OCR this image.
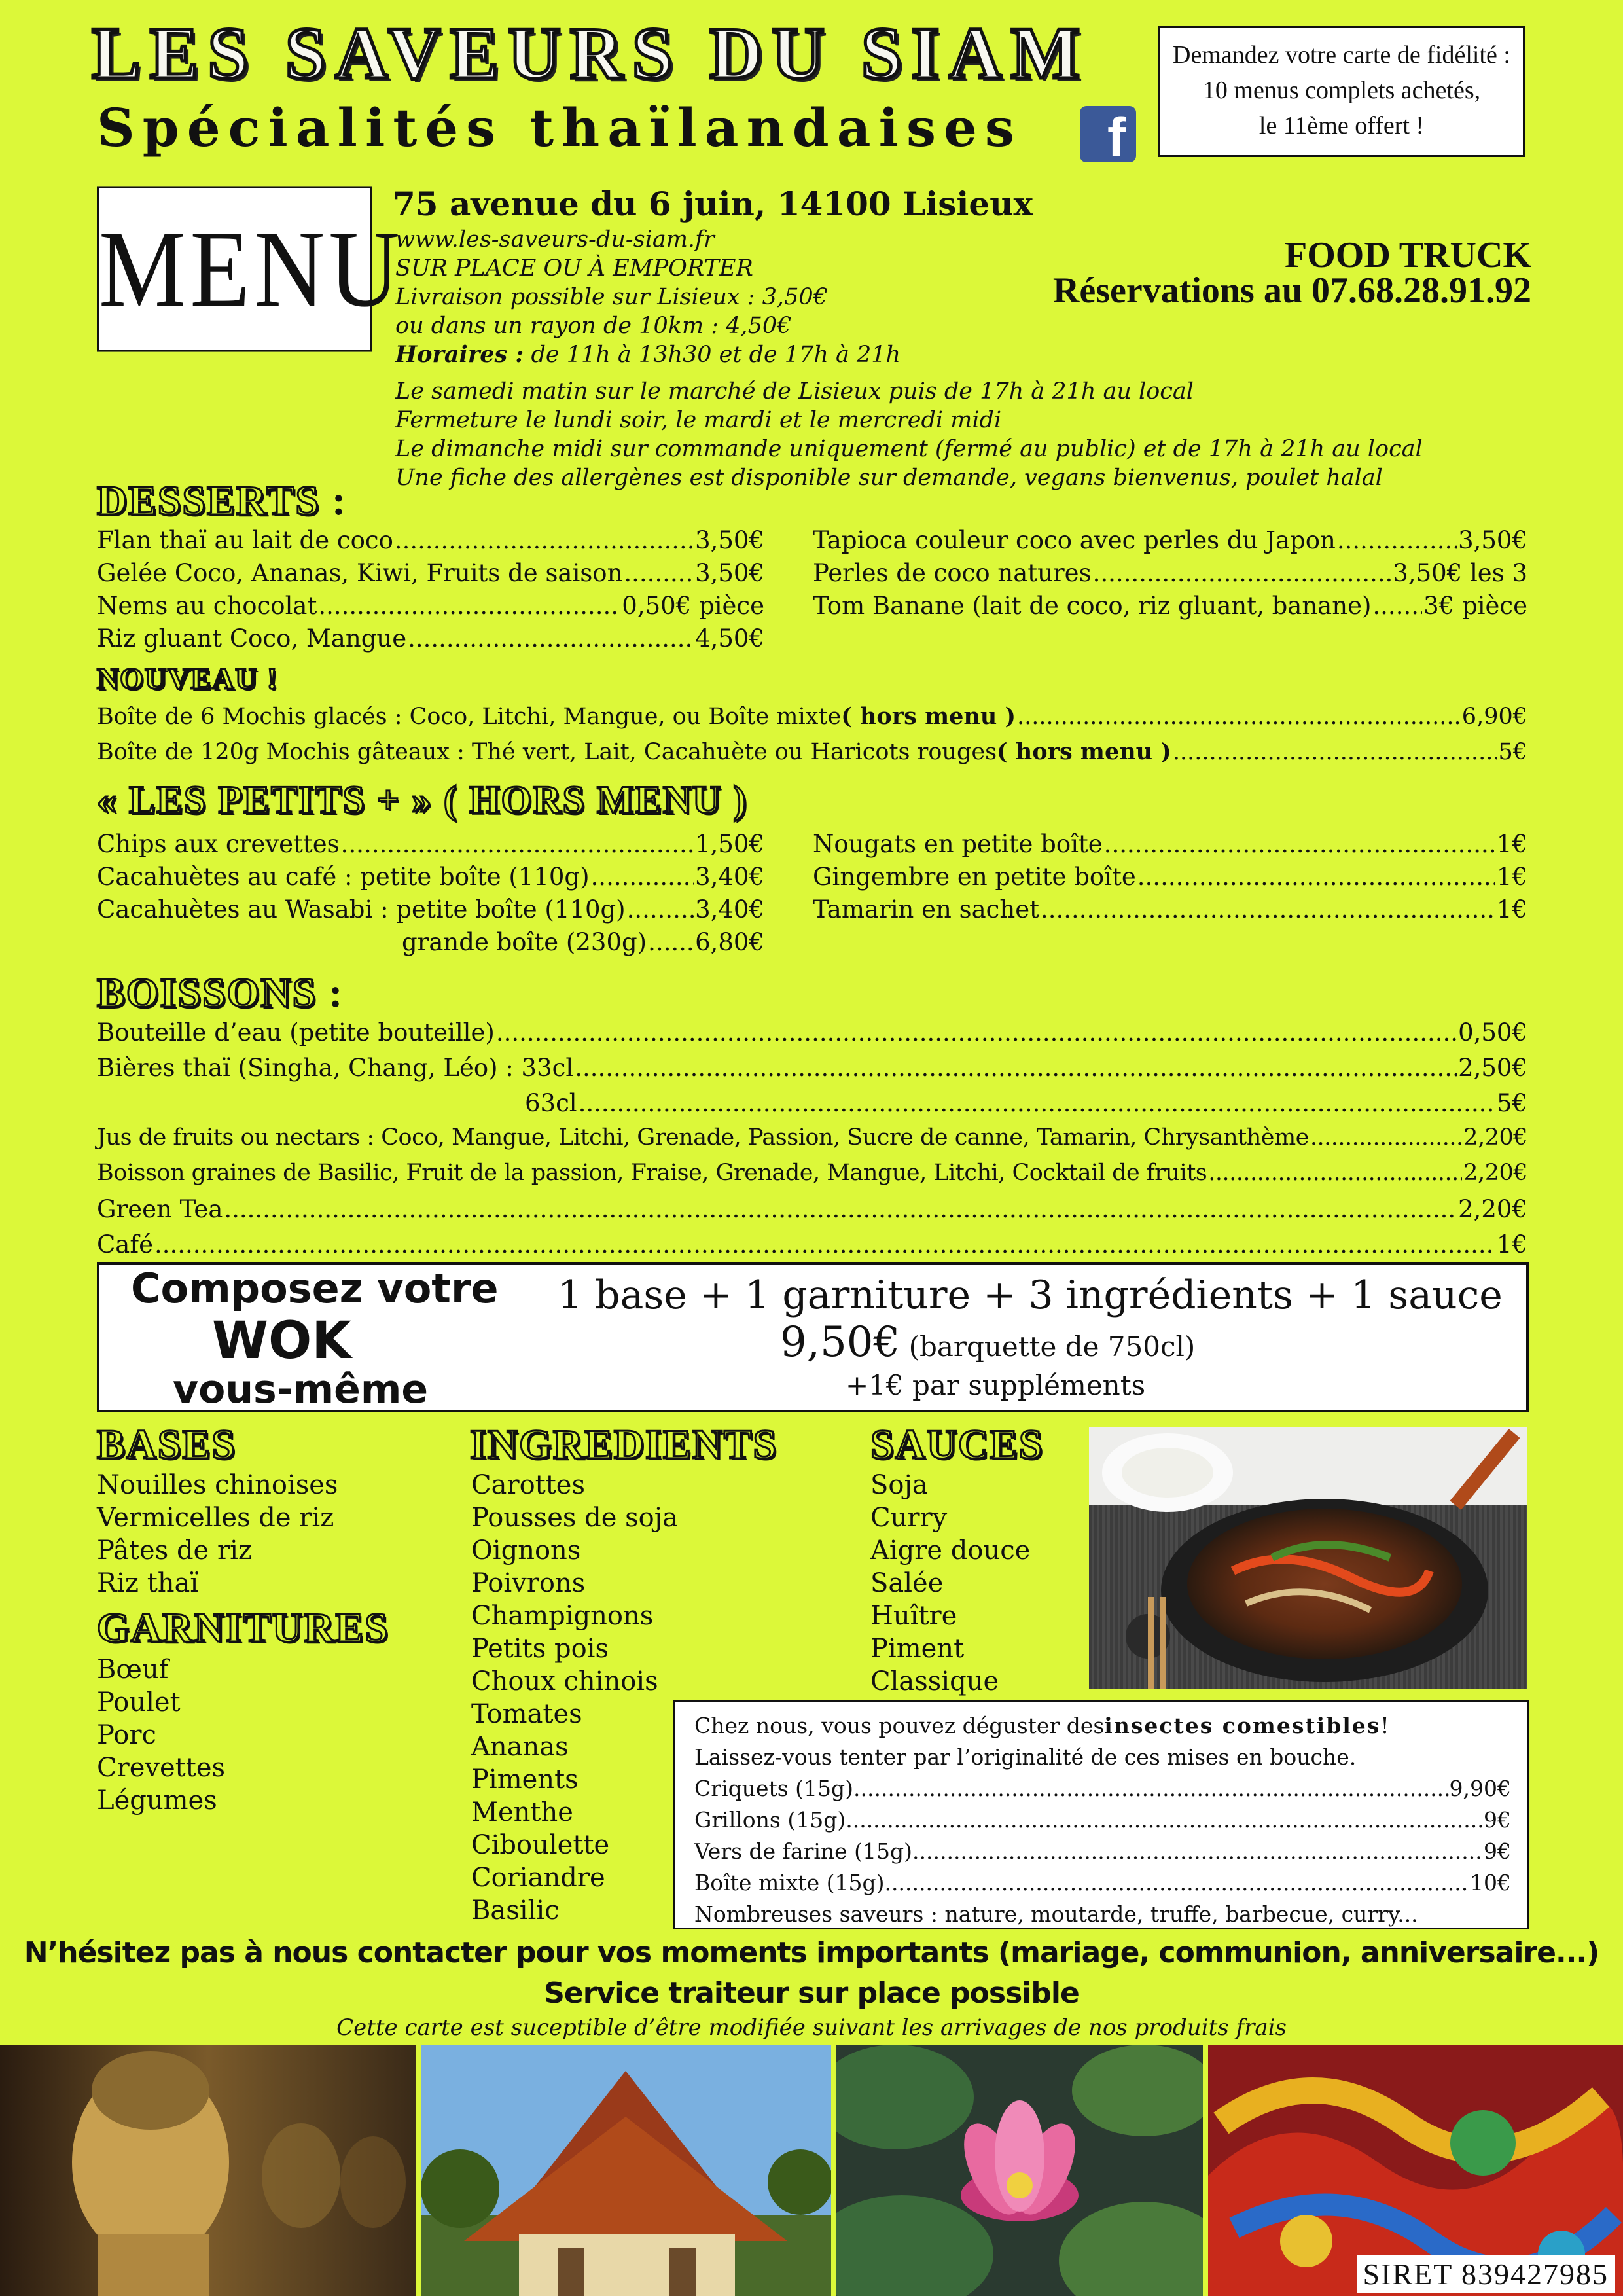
LES SAVEURS DU SIAM
Spécialités thaïlandaises	f
Demandez votre carte de fidélité :
10 menus complets achetés,
le 11ème offert !
MENU
75 avenue du 6 juin, 14100 Lisieux
www.les-saveurs-du-siam.fr
SUR PLACE OU À EMPORTER
Livraison possible sur Lisieux : 3,50€
ou dans un rayon de 10km : 4,50€
Horaires : de 11h à 13h30 et de 17h à 21h
Le samedi matin sur le marché de Lisieux puis de 17h à 21h au local
Fermeture le lundi soir, le mardi et le mercredi midi
Le dimanche midi sur commande uniquement (fermé au public) et de 17h à 21h au local
Une fiche des allergènes est disponible sur demande, vegans bienvenus, poulet halal
FOOD TRUCK
Réservations au 07.68.28.91.92
DESSERTS :
Flan thaï au lait de coco .....	3,50€
Gelée Coco, Ananas, Kiwi, Fruits de saison .....	3,50€
Nems au chocolat .....	0,50€ pièce
Riz gluant Coco, Mangue .....	4,50€
Tapioca couleur coco avec perles du Japon .....	3,50€
Perles de coco natures .....	3,50€ les 3
Tom Banane (lait de coco, riz gluant, banane) ..... 3€ pièce
NOUVEAU !
Boîte de 6 Mochis glacés : Coco, Litchi, Mangue, ou Boîte mixte ( hors menu ) .....	6,90€
Boîte de 120g Mochis gâteaux : Thé vert, Lait, Cacahuète ou Haricots rouges ( hors menu ) .....	5€
« LES PETITS + » ( HORS MENU )
Chips aux crevettes .....	1,50€
Cacahuètes au café : petite boîte (110g) .....	3,40€
Cacahuètes au Wasabi : petite boîte (110g) .....	3,40€
grande boîte (230g) ..... 6,80€
Nougats en petite boîte .....	1€
Gingembre en petite boîte .....	1€
Tamarin en sachet .....	1€
BOISSONS :
Bouteille d’eau (petite bouteille) .....	0,50€
Bières thaï (Singha, Chang, Léo) : 33cl .....	2,50€
63cl .....	5€
Jus de fruits ou nectars : Coco, Mangue, Litchi, Grenade, Passion, Sucre de canne, Tamarin, Chrysanthème .....	2,20€
Boisson graines de Basilic, Fruit de la passion, Fraise, Grenade, Mangue, Litchi, Cocktail de fruits .....	2,20€
Green Tea .....	2,20€
Café .....	1€
Composez votre
WOK
vous-même
1 base + 1 garniture + 3 ingrédients + 1 sauce
9,50€ (barquette de 750cl)
+1€ par suppléments
BASES
Nouilles chinoises
Vermicelles de riz
Pâtes de riz
Riz thaï
GARNITURES
Bœuf
Poulet
Porc
Crevettes
Légumes
INGREDIENTS
Carottes
Pousses de soja
Oignons
Poivrons
Champignons
Petits pois
Choux chinois
Tomates
Ananas
Piments
Menthe
Ciboulette
Coriandre
Basilic
SAUCES
Soja
Curry
Aigre douce
Salée
Huître
Piment
Classique
Chez nous, vous pouvez déguster des insectes comestibles !
Laissez-vous tenter par l’originalité de ces mises en bouche.
Criquets (15g) .....	9,90€
Grillons (15g) .....	9€
Vers de farine (15g) .....	9€
Boîte mixte (15g) .....	10€
Nombreuses saveurs : nature, moutarde, truffe, barbecue, curry...
N’hésitez pas à nous contacter pour vos moments importants (mariage, communion, anniversaire...)
Service traiteur sur place possible
Cette carte est suceptible d’être modifiée suivant les arrivages de nos produits frais
SIRET 839427985
